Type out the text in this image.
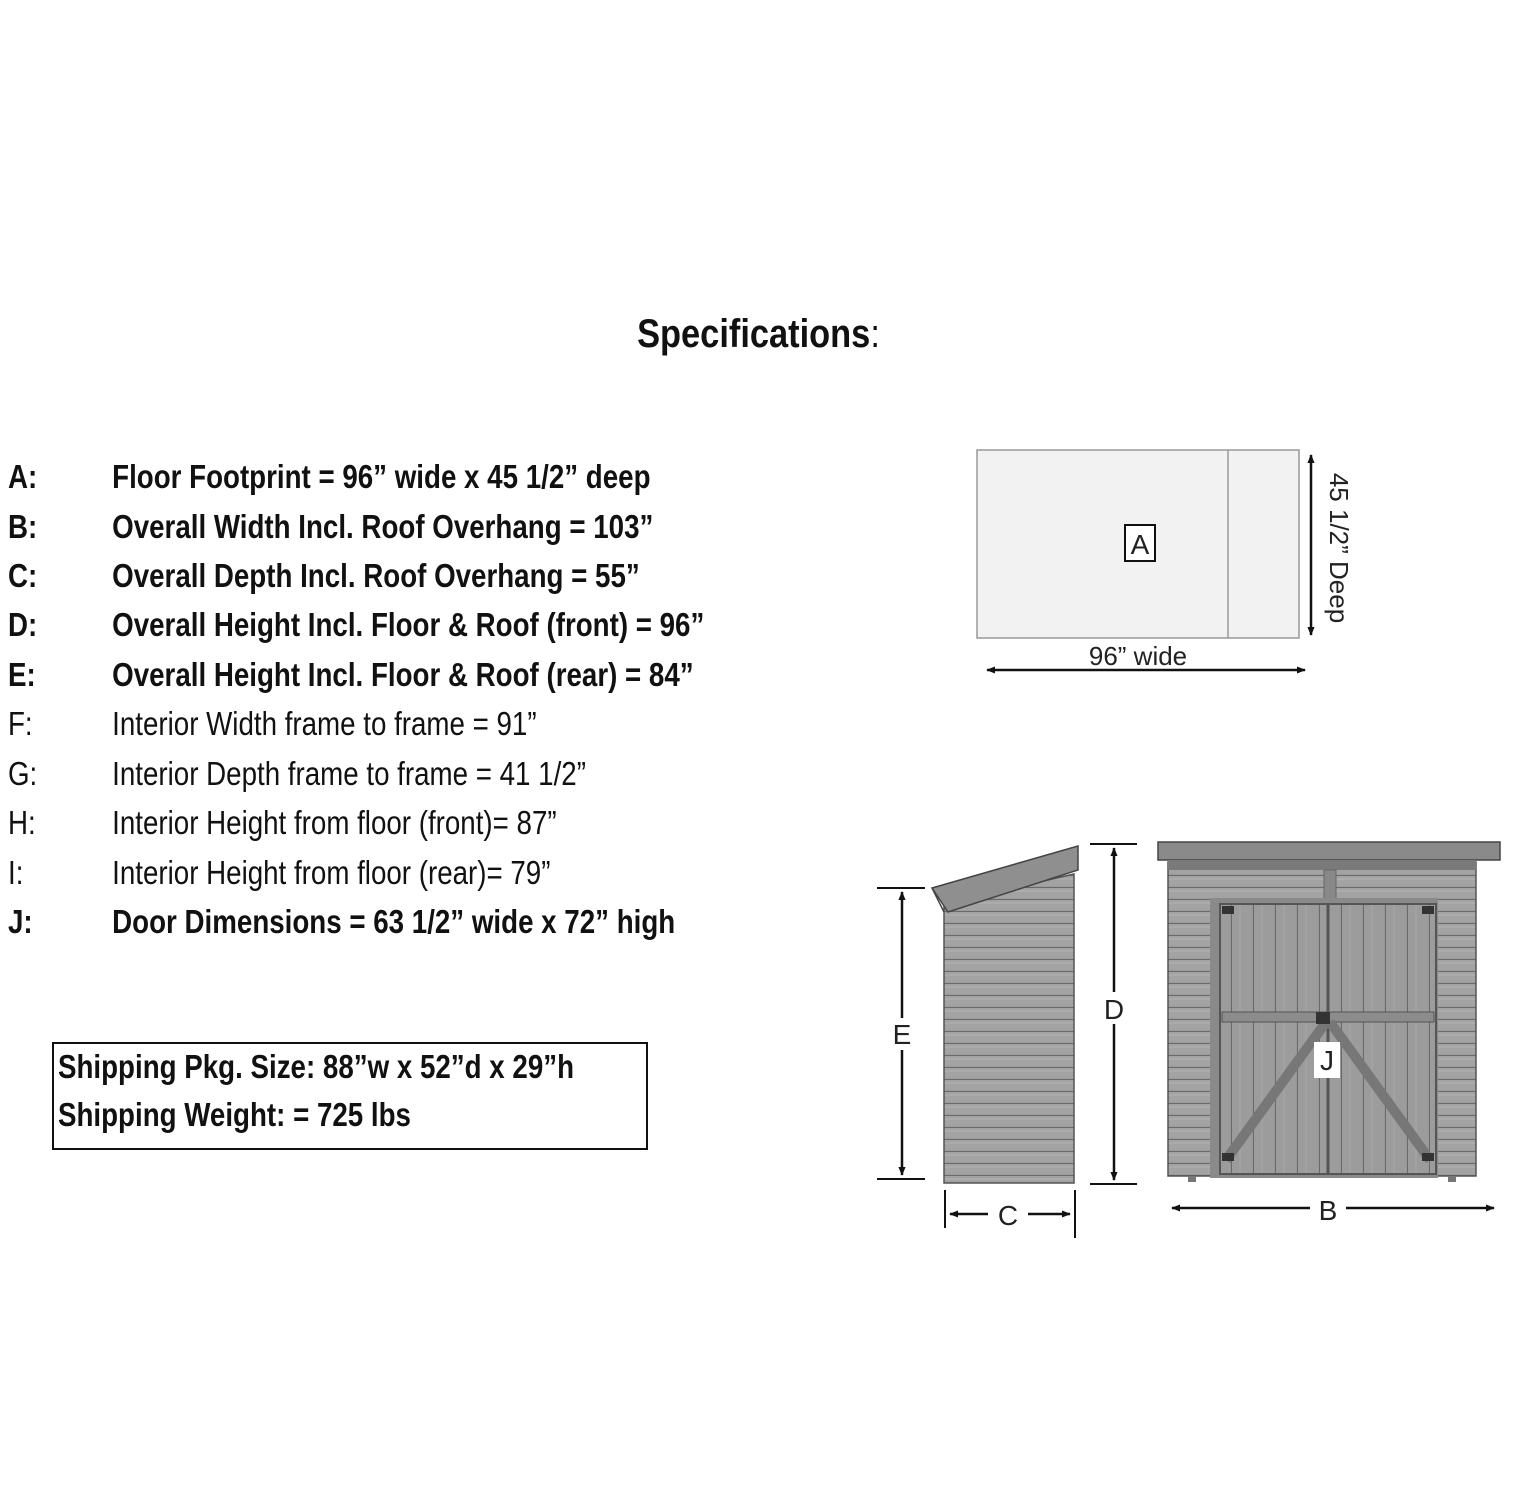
Specifications:
A:	Floor Footprint = 96” wide x 45 1/2” deep
B:	Overall Width Incl. Roof Overhang = 103”
C:	Overall Depth Incl. Roof Overhang = 55”
D:	Overall Height Incl. Floor & Roof (front) = 96”
E:	Overall Height Incl. Floor & Roof (rear) = 84”
F:	Interior Width frame to frame = 91”
G:	Interior Depth frame to frame = 41 1/2”
H:	Interior Height from floor (front)= 87”
I:	Interior Height from floor (rear)= 79”
J:	Door Dimensions = 63 1/2” wide x 72” high
Shipping Pkg. Size: 88”w x 52”d x 29”h
Shipping Weight: = 725 lbs
A
96” wide
45 1/2” Deep
E
C
J
D
B
